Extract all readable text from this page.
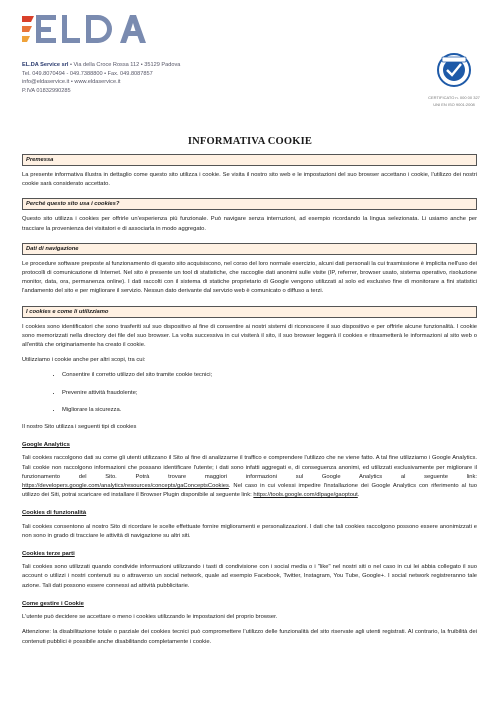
EL.DA Service srl • Via della Croce Rossa 112 • 35129 Padova
Tel. 049.8070494 - 049.7388800 • Fax. 049.8087857
info@eldaservice.it • www.eldaservice.it
P.IVA 01832990285
CERTIFICATO n. 000 00 327
UNI EN ISO 9001:2008
INFORMATIVA COOKIE
Premessa

La presente informativa illustra in dettaglio come questo sito utilizza i cookie. Se visita il nostro sito web e le impostazioni del suo browser accettano i cookie, l'utilizzo dei nostri cookie sarà considerato accettato.

Perché questo sito usa i cookies?

Questo sito utilizza i cookies per offrirle un'esperienza più funzionale. Può navigare senza interruzioni, ad esempio ricordando la lingua selezionata. Li usiamo anche per tracciare la provenienza dei visitatori e di associarla in modo aggregato.

Dati di navigazione

Le procedure software preposte al funzionamento di questo sito acquisiscono, nel corso del loro normale esercizio, alcuni dati personali la cui trasmissione è implicita nell'uso dei protocolli di comunicazione di Internet. Nel sito è presente un tool di statistiche, che raccoglie dati anonimi sulle visite (IP, referrer, browser usato, sistema operativo, risoluzione monitor, data, ora, permanenza online). I dati raccolti con il sistema di statiche proprietario di Google vengono utilizzati al solo ed esclusivo fine di monitorare a fini statistici l'andamento del sito e per migliorare il servizio. Nessun dato derivante dal servizio web è comunicato o diffuso a terzi.

I cookies e come li utilizziamo

I cookies sono identificatori che sono trasferiti sul suo dispositivo al fine di consentire ai nostri sistemi di riconoscere il suo dispositivo e per offrirle alcune funzionalità. I cookie sono memorizzati nella directory dei file del suo browser. La volta successiva in cui visiterà il sito, il suo browser leggerà il cookies e ritrasmetterà le informazioni al sito web o all'entità che originariamente ha creato il cookie.

Utilizziamo i cookie anche per altri scopi, tra cui:

• Consentire il corretto utilizzo del sito tramite cookie tecnici;
• Prevenire attività fraudolente;
• Migliorare la sicurezza.

Il nostro Sito utilizza i seguenti tipi di cookies

Google Analytics

Tali cookies raccolgono dati su come gli utenti utilizzano il Sito al fine di analizzarne il traffico e comprendere l'utilizzo che ne viene fatto. A tal fine utilizziamo i Google Analytics. Tali cookie non raccolgono informazioni che possano identificare l'utente; i dati sono infatti aggregati e, di conseguenza anonimi, ed utilizzati esclusivamente per migliorare il funzionamento del Sito. Potrà trovare maggiori informazioni sul Google Analytics al seguente link: https://developers.google.com/analytics/resources/concepts/gaConceptsCookies. Nel caso in cui volessi impedire l'installazione dei Google Analytics con riferimento al tuo utilizzo dei Siti, potrai scaricare ed installare il Browser Plugin disponibile al seguente link: https://tools.google.com/dlpage/gaoptout.

Cookies di funzionalità

Tali cookies consentono al nostro Sito di ricordare le scelte effettuate fornire miglioramenti e personalizzazioni. I dati che tali cookies raccolgono possono essere anonimizzati e non sono in grado di tracciare le attività di navigazione su altri siti.

Cookies terze parti

Tali cookies sono utilizzati quando condivide informazioni utilizzando i tasti di condivisione con i social media o i "like" nel nostri siti o nel caso in cui lei abbia collegato il suo account o utilizzi i nostri contenuti su o attraverso un social network, quale ad esempio Facebook, Twitter, Instagram, You Tube, Google+. I social network registreranno tale azione. Tali dati possono essere connessi ad attività pubblicitarie.

Come gestire i Cookie

L'utente può decidere se accettare o meno i cookies utilizzando le impostazioni del proprio browser.

Attenzione: la disabilitazione totale o parziale dei cookies tecnici può compromettere l'utilizzo delle funzionalità del sito riservate agli utenti registrati. Al contrario, la fruibilità dei contenuti pubblici è possibile anche disabilitando completamente i cookie.
